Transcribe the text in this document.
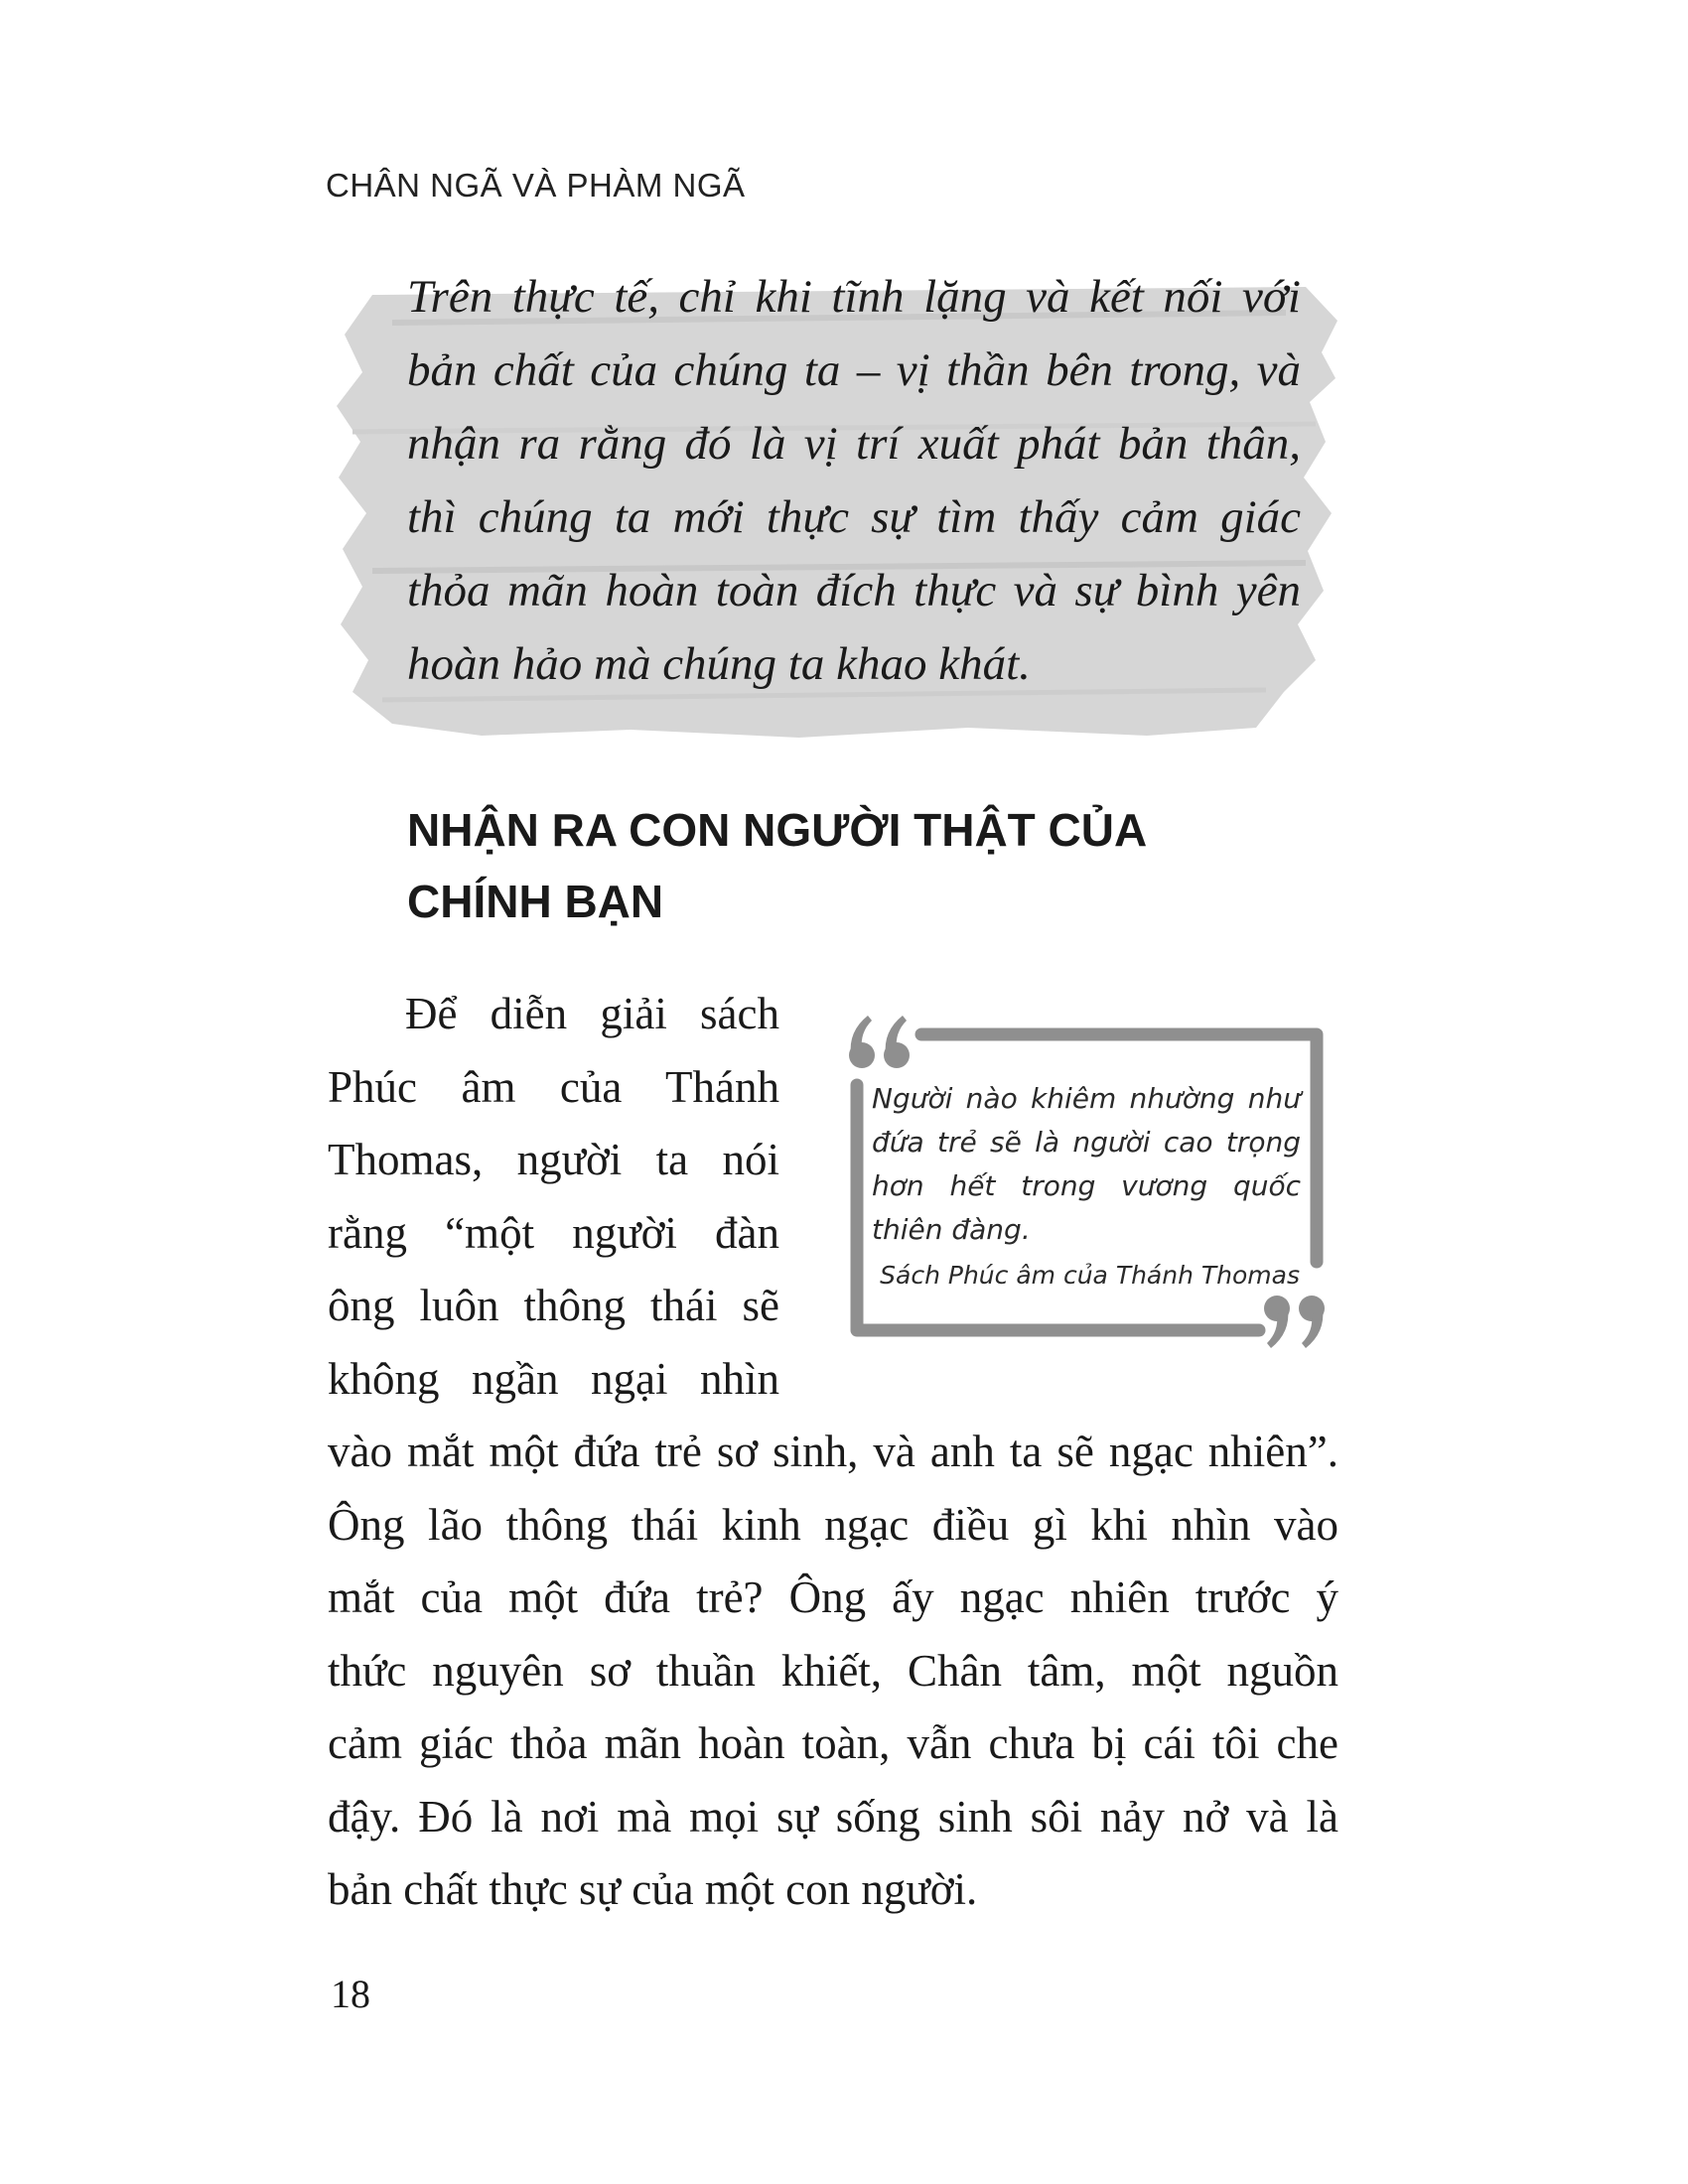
CHÂN NGÃ VÀ PHÀM NGÃ
Trên thực tế, chỉ khi tĩnh lặng và kết nối với
bản chất của chúng ta – vị thần bên trong, và
nhận ra rằng đó là vị trí xuất phát bản thân,
thì chúng ta mới thực sự tìm thấy cảm giác
thỏa mãn hoàn toàn đích thực và sự bình yên
hoàn hảo mà chúng ta khao khát.
NHẬN RA CON NGƯỜI THẬT CỦA
CHÍNH BẠN
Để diễn giải sách
Phúc âm của Thánh
Thomas, người ta nói
rằng “một người đàn
ông luôn thông thái sẽ
không ngần ngại nhìn
Người nào khiêm nhường như
đứa trẻ sẽ là người cao trọng
hơn hết trong vương quốc
thiên đàng.
Sách Phúc âm của Thánh Thomas
vào mắt một đứa trẻ sơ sinh, và anh ta sẽ ngạc nhiên”.
Ông lão thông thái kinh ngạc điều gì khi nhìn vào
mắt của một đứa trẻ? Ông ấy ngạc nhiên trước ý
thức nguyên sơ thuần khiết, Chân tâm, một nguồn
cảm giác thỏa mãn hoàn toàn, vẫn chưa bị cái tôi che
đậy. Đó là nơi mà mọi sự sống sinh sôi nảy nở và là
bản chất thực sự của một con người.
18
